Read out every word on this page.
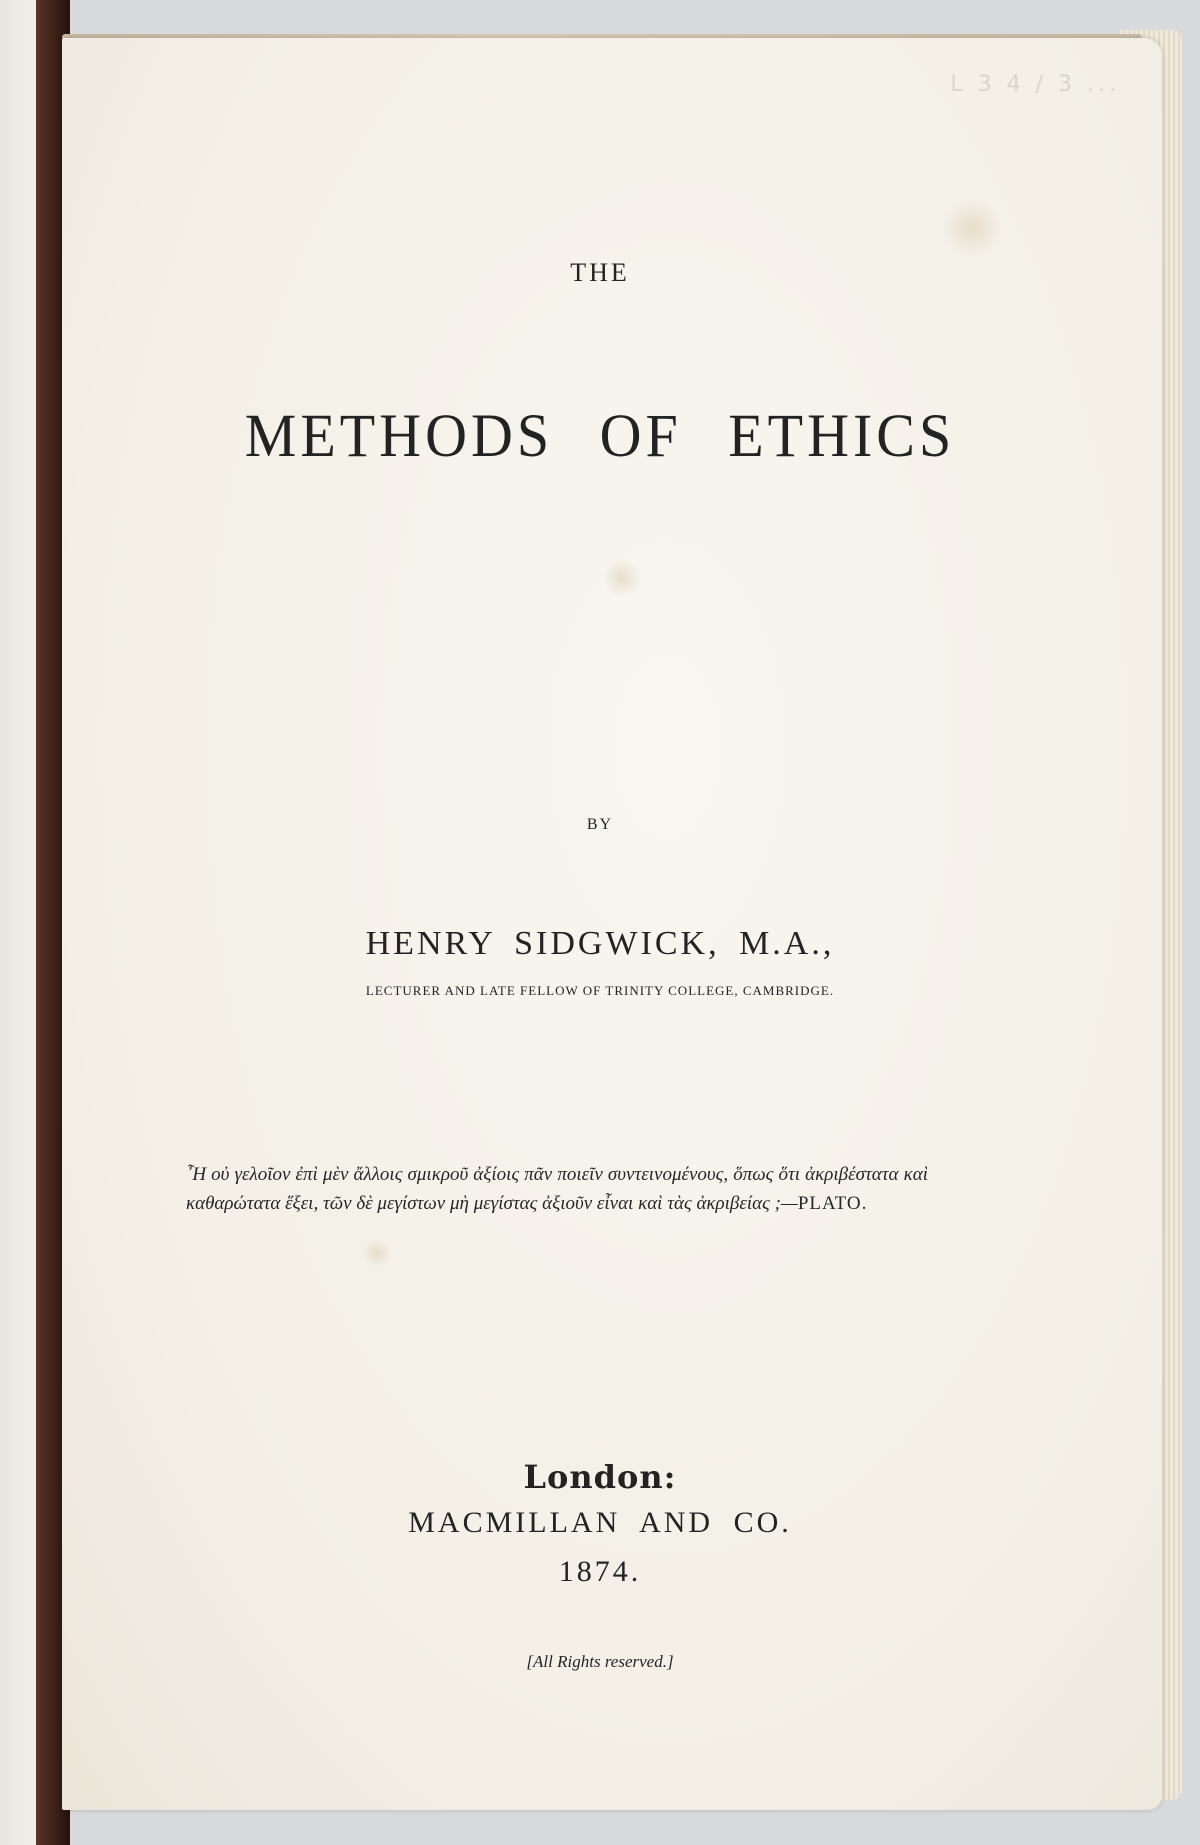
L 3 4 / 3 ...
THE
METHODS OF ETHICS
BY
HENRY SIDGWICK, M.A.,
LECTURER AND LATE FELLOW OF TRINITY COLLEGE, CAMBRIDGE.
῏Η οὐ γελοῖον ἐπὶ μὲν ἄλλοις σμικροῦ ἀξίοις πᾶν ποιεῖν συντεινομένους, ὅπως ὅτι ἀκριβέστατα καὶ καθαρώτατα ἕξει, τῶν δὲ μεγίστων μὴ μεγίστας ἀξιοῦν εἶναι καὶ τὰς ἀκριβείας ;—PLATO.
London:
MACMILLAN AND CO.
1874.
[All Rights reserved.]
